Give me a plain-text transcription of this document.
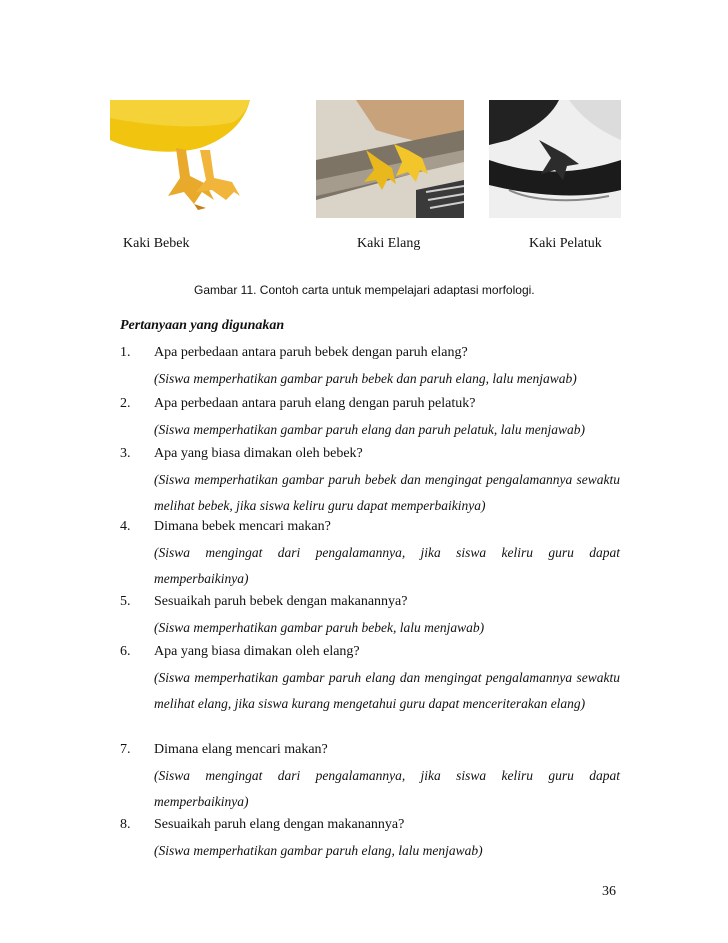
Kaki Bebek	Kaki Elang	Kaki Pelatuk
Gambar 11. Contoh carta untuk mempelajari adaptasi morfologi.
Pertanyaan yang digunakan
1. Apa perbedaan antara paruh bebek dengan paruh elang?
(Siswa memperhatikan gambar paruh bebek dan paruh elang, lalu menjawab)
2. Apa perbedaan antara paruh elang dengan paruh pelatuk?
(Siswa memperhatikan gambar paruh elang dan paruh pelatuk, lalu menjawab)
3. Apa yang biasa dimakan oleh bebek?
(Siswa memperhatikan gambar paruh bebek dan mengingat pengalamannya sewaktu melihat bebek, jika siswa keliru guru dapat memperbaikinya)
4. Dimana bebek mencari makan?
(Siswa mengingat dari pengalamannya, jika siswa keliru guru dapat memperbaikinya)
5. Sesuaikah paruh bebek dengan makanannya?
(Siswa memperhatikan gambar paruh bebek, lalu menjawab)
6. Apa yang biasa dimakan oleh elang?
(Siswa memperhatikan gambar paruh elang dan mengingat pengalamannya sewaktu melihat elang, jika siswa kurang mengetahui guru dapat menceriterakan elang)
7. Dimana elang mencari makan?
(Siswa mengingat dari pengalamannya, jika siswa keliru guru dapat memperbaikinya)
8. Sesuaikah paruh elang dengan makanannya?
(Siswa memperhatikan gambar paruh elang, lalu menjawab)
36
